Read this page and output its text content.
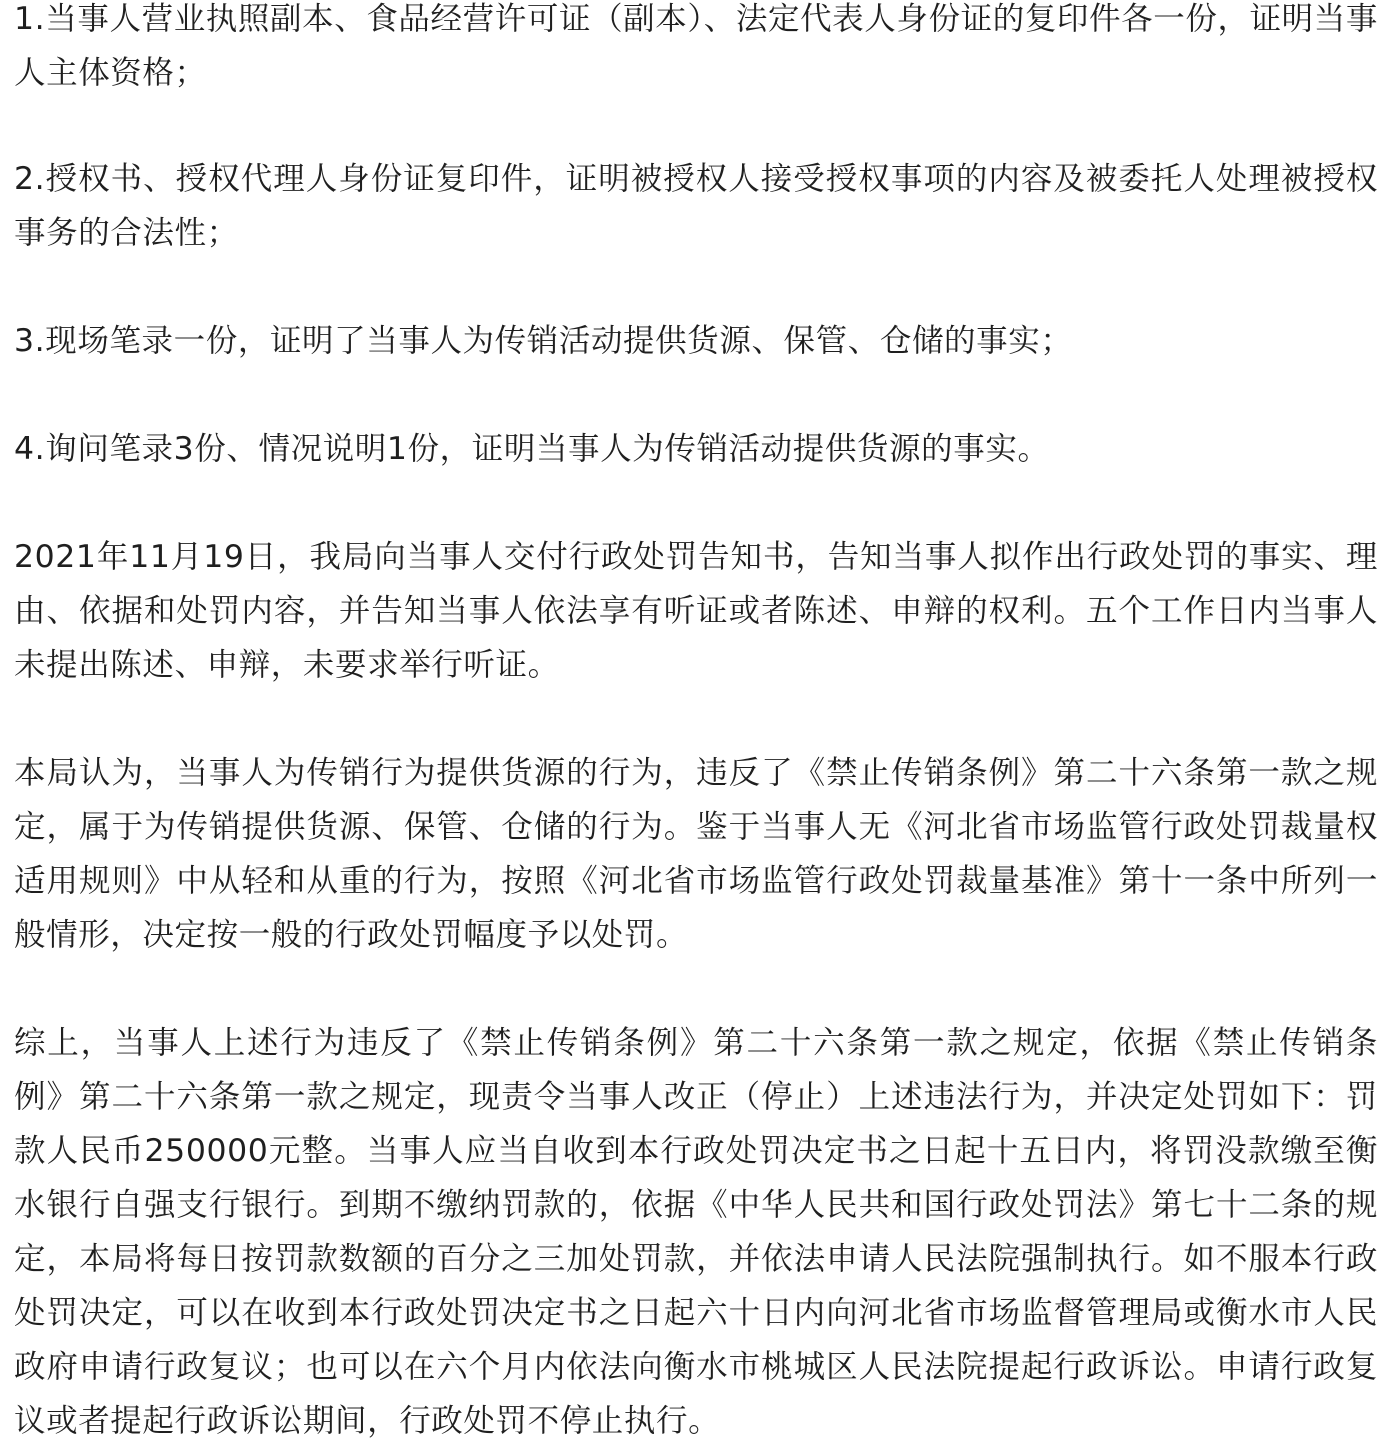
1.当事人营业执照副本、食品经营许可证（副本）、法定代表人身份证的复印件各一份，证明当事人主体资格；

2.授权书、授权代理人身份证复印件，证明被授权人接受授权事项的内容及被委托人处理被授权事务的合法性；

3.现场笔录一份，证明了当事人为传销活动提供货源、保管、仓储的事实；

4.询问笔录3份、情况说明1份，证明当事人为传销活动提供货源的事实。

2021年11月19日，我局向当事人交付行政处罚告知书，告知当事人拟作出行政处罚的事实、理由、依据和处罚内容，并告知当事人依法享有听证或者陈述、申辩的权利。五个工作日内当事人未提出陈述、申辩，未要求举行听证。

本局认为，当事人为传销行为提供货源的行为，违反了《禁止传销条例》第二十六条第一款之规定，属于为传销提供货源、保管、仓储的行为。鉴于当事人无《河北省市场监管行政处罚裁量权适用规则》中从轻和从重的行为，按照《河北省市场监管行政处罚裁量基准》第十一条中所列一般情形，决定按一般的行政处罚幅度予以处罚。

综上，当事人上述行为违反了《禁止传销条例》第二十六条第一款之规定，依据《禁止传销条例》第二十六条第一款之规定，现责令当事人改正（停止）上述违法行为，并决定处罚如下：罚款人民币250000元整。当事人应当自收到本行政处罚决定书之日起十五日内，将罚没款缴至衡水银行自强支行银行。到期不缴纳罚款的，依据《中华人民共和国行政处罚法》第七十二条的规定，本局将每日按罚款数额的百分之三加处罚款，并依法申请人民法院强制执行。如不服本行政处罚决定，可以在收到本行政处罚决定书之日起六十日内向河北省市场监督管理局或衡水市人民政府申请行政复议；也可以在六个月内依法向衡水市桃城区人民法院提起行政诉讼。申请行政复议或者提起行政诉讼期间，行政处罚不停止执行。
